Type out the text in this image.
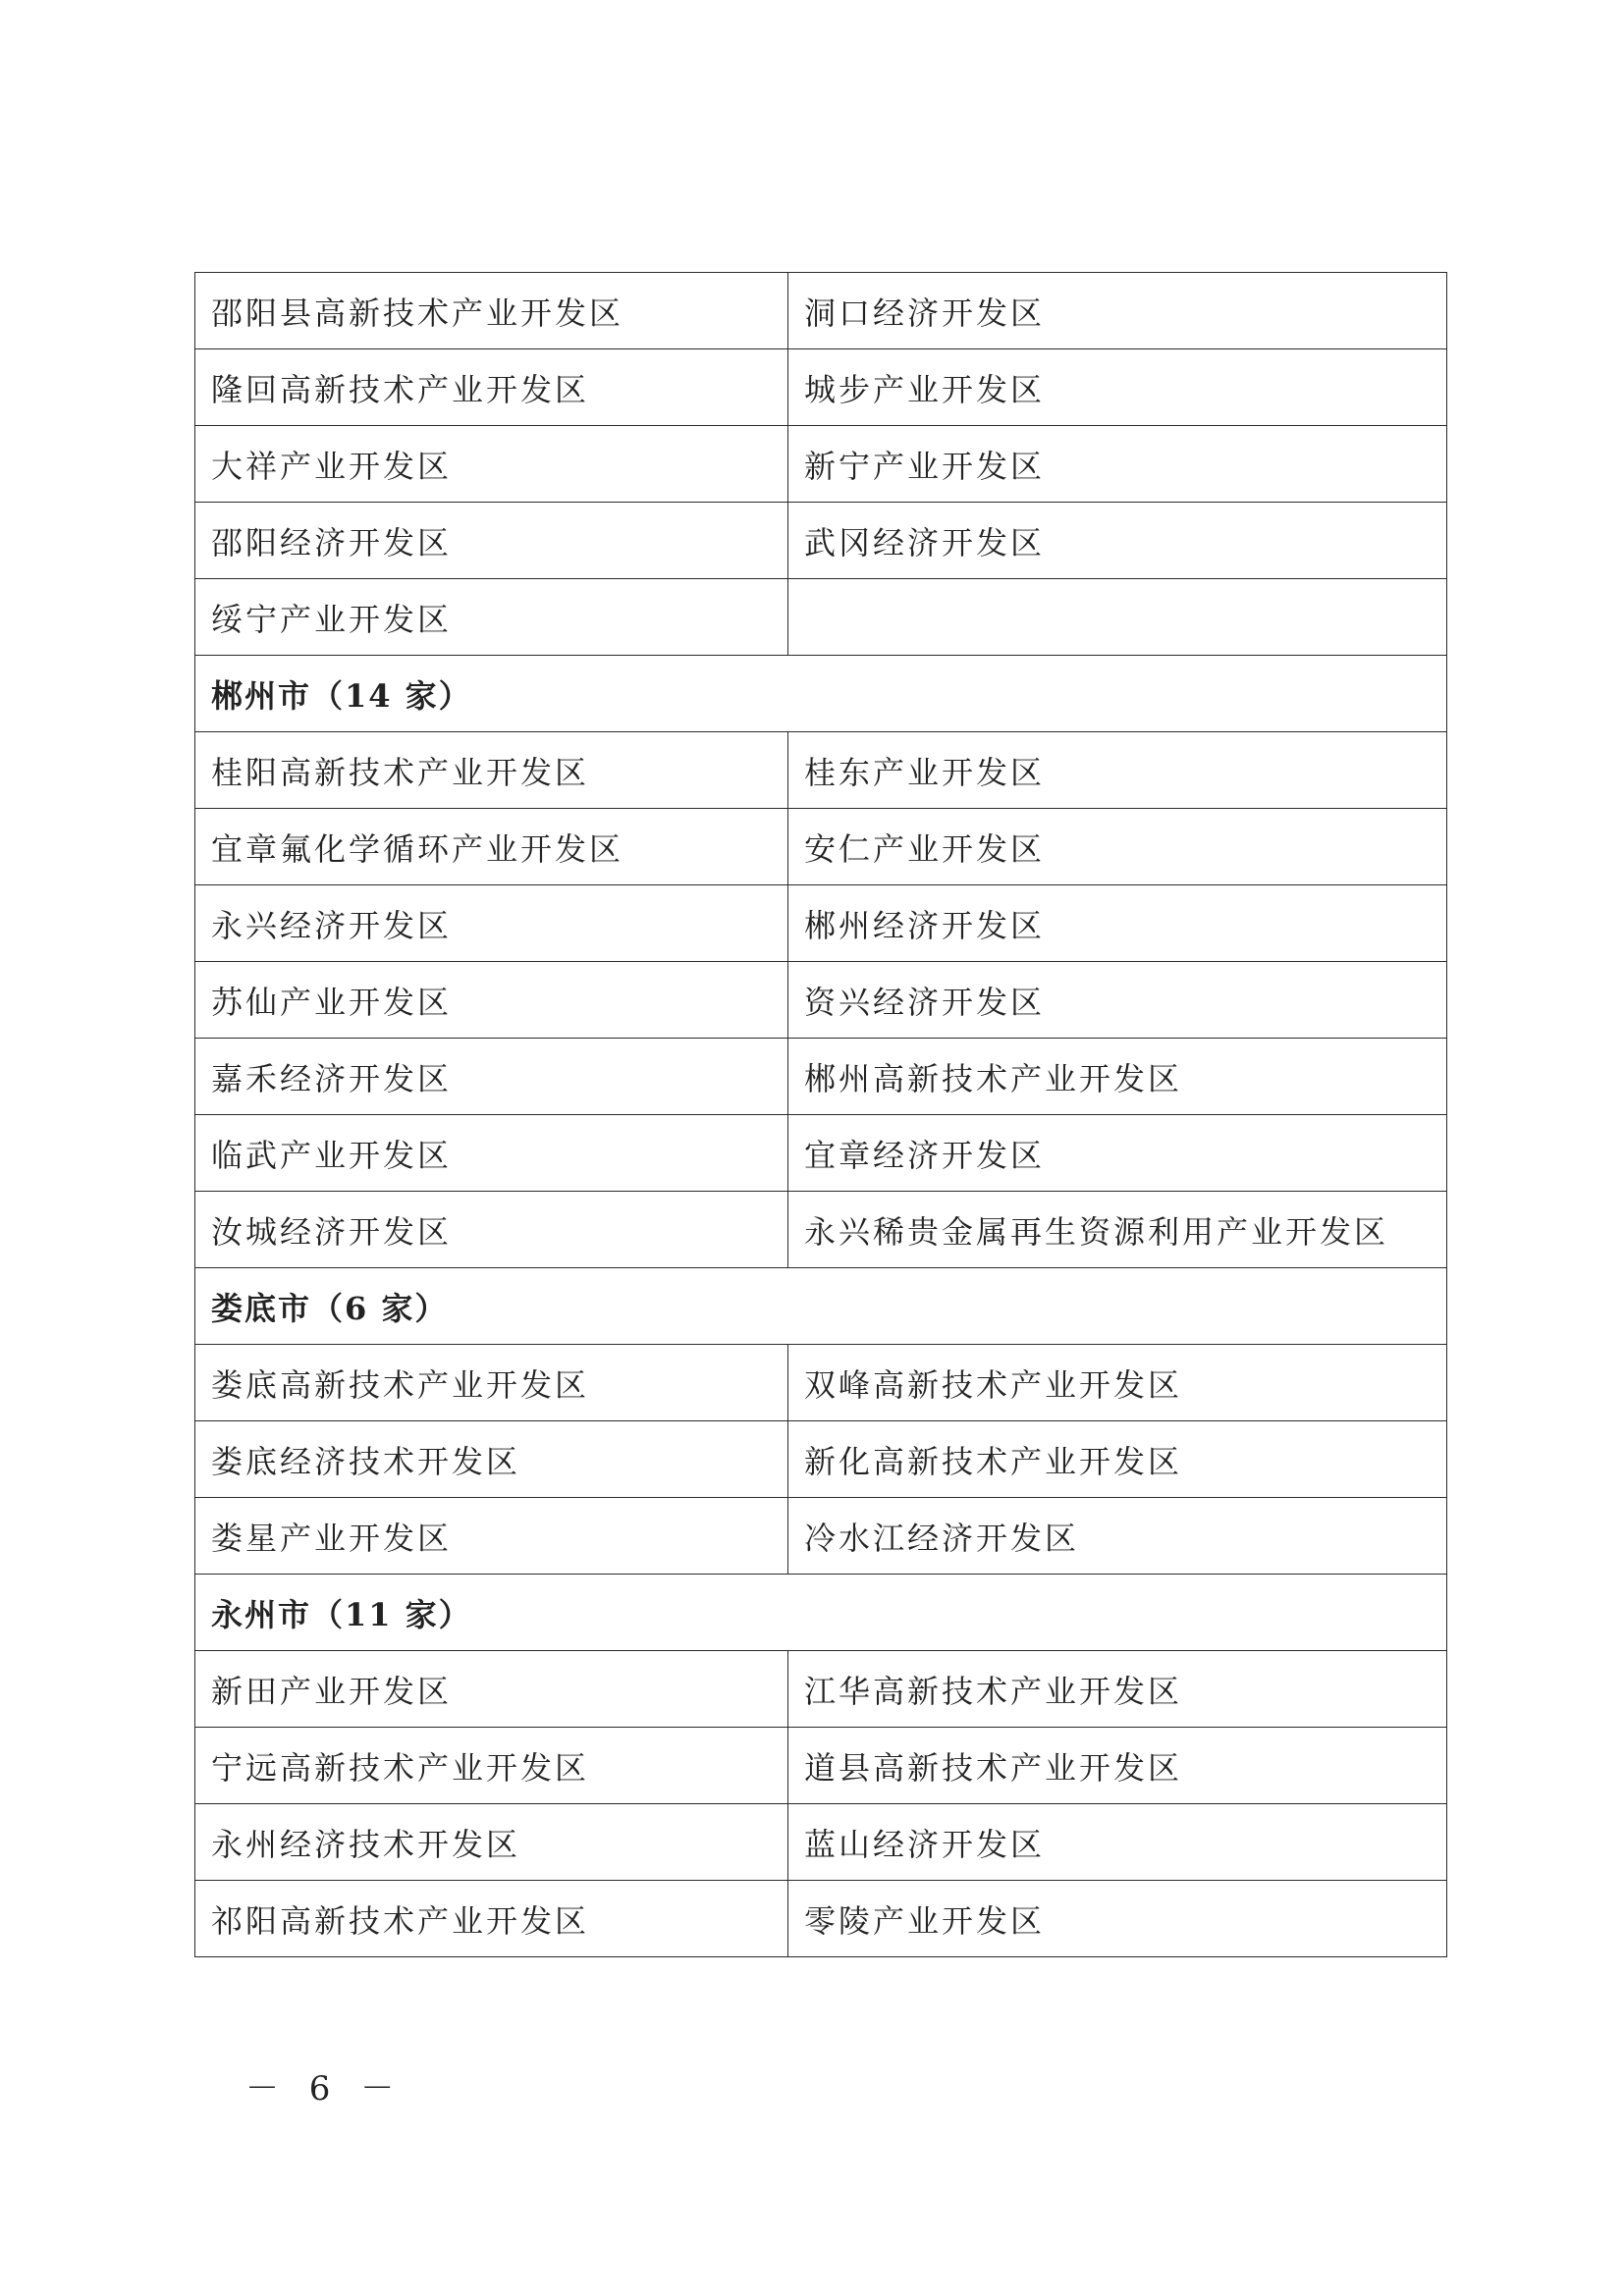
邵阳县高新技术产业开发区	洞口经济开发区
隆回高新技术产业开发区	城步产业开发区
大祥产业开发区	新宁产业开发区
邵阳经济开发区	武冈经济开发区
绥宁产业开发区	
郴州市（14 家）	
桂阳高新技术产业开发区	桂东产业开发区
宜章氟化学循环产业开发区	安仁产业开发区
永兴经济开发区	郴州经济开发区
苏仙产业开发区	资兴经济开发区
嘉禾经济开发区	郴州高新技术产业开发区
临武产业开发区	宜章经济开发区
汝城经济开发区	永兴稀贵金属再生资源利用产业开发区
娄底市（6 家）	
娄底高新技术产业开发区	双峰高新技术产业开发区
娄底经济技术开发区	新化高新技术产业开发区
娄星产业开发区	冷水江经济开发区
永州市（11 家）	
新田产业开发区	江华高新技术产业开发区
宁远高新技术产业开发区	道县高新技术产业开发区
永州经济技术开发区	蓝山经济开发区
祁阳高新技术产业开发区	零陵产业开发区
－ 6 －
